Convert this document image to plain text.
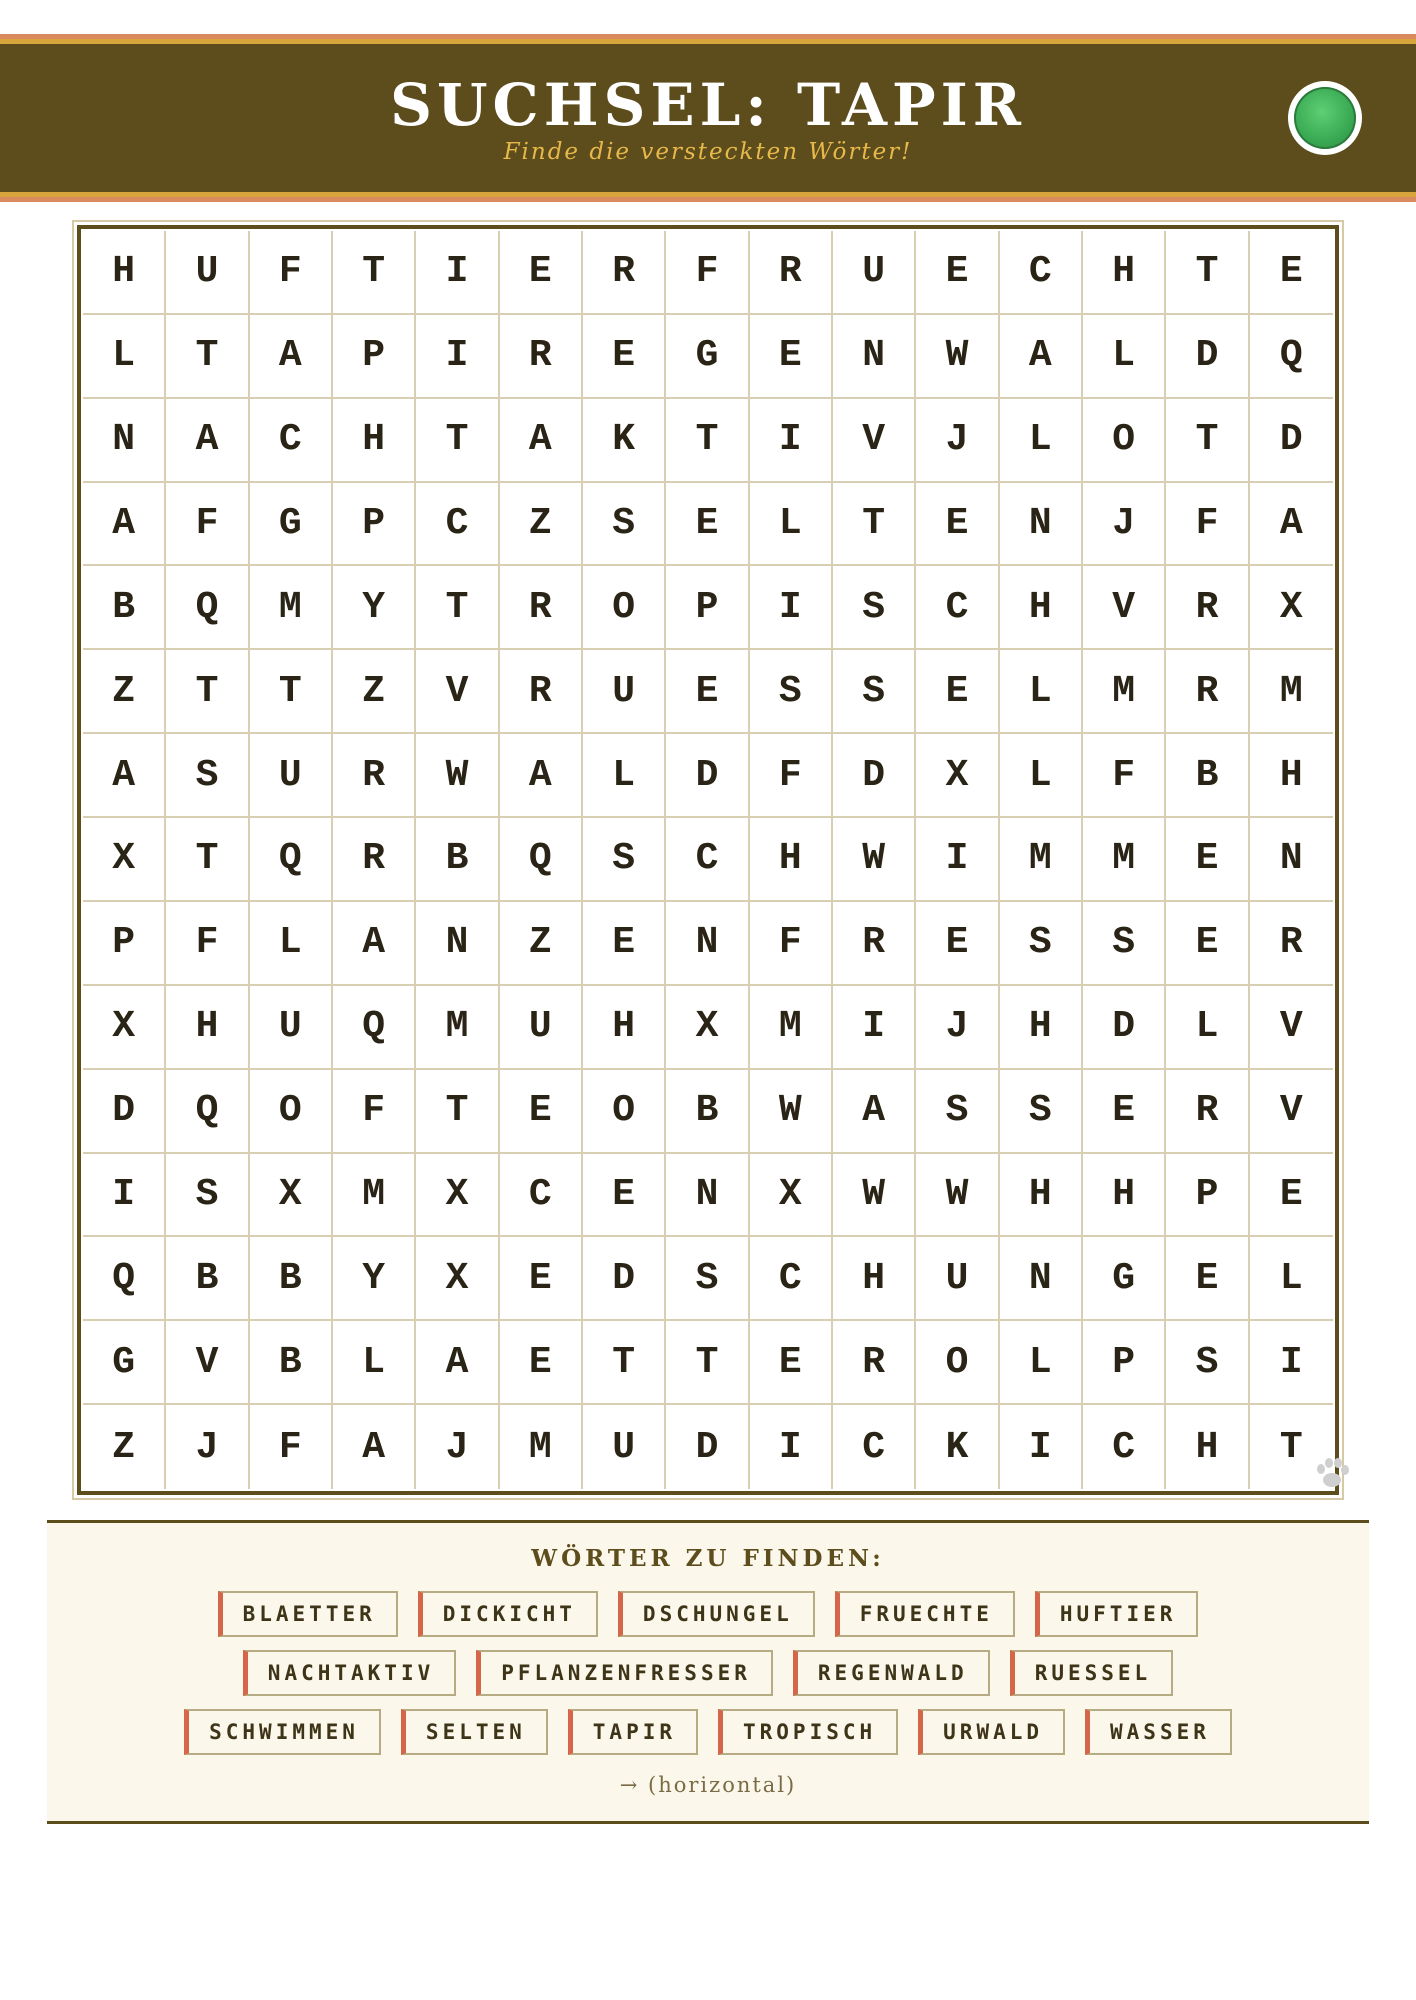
SUCHSEL: TAPIR
Finde die versteckten Wörter!
H	U	F	T	I	E	R	F	R	U	E	C	H	T	E
L	T	A	P	I	R	E	G	E	N	W	A	L	D	Q
N	A	C	H	T	A	K	T	I	V	J	L	O	T	D
A	F	G	P	C	Z	S	E	L	T	E	N	J	F	A
B	Q	M	Y	T	R	O	P	I	S	C	H	V	R	X
Z	T	T	Z	V	R	U	E	S	S	E	L	M	R	M
A	S	U	R	W	A	L	D	F	D	X	L	F	B	H
X	T	Q	R	B	Q	S	C	H	W	I	M	M	E	N
P	F	L	A	N	Z	E	N	F	R	E	S	S	E	R
X	H	U	Q	M	U	H	X	M	I	J	H	D	L	V
D	Q	O	F	T	E	O	B	W	A	S	S	E	R	V
I	S	X	M	X	C	E	N	X	W	W	H	H	P	E
Q	B	B	Y	X	E	D	S	C	H	U	N	G	E	L
G	V	B	L	A	E	T	T	E	R	O	L	P	S	I
Z	J	F	A	J	M	U	D	I	C	K	I	C	H	T
WÖRTER ZU FINDEN:
BLAETTER	DICKICHT	DSCHUNGEL	FRUECHTE	HUFTIER
NACHTAKTIV	PFLANZENFRESSER	REGENWALD	RUESSEL
SCHWIMMEN	SELTEN	TAPIR	TROPISCH	URWALD	WASSER
→ (horizontal)
